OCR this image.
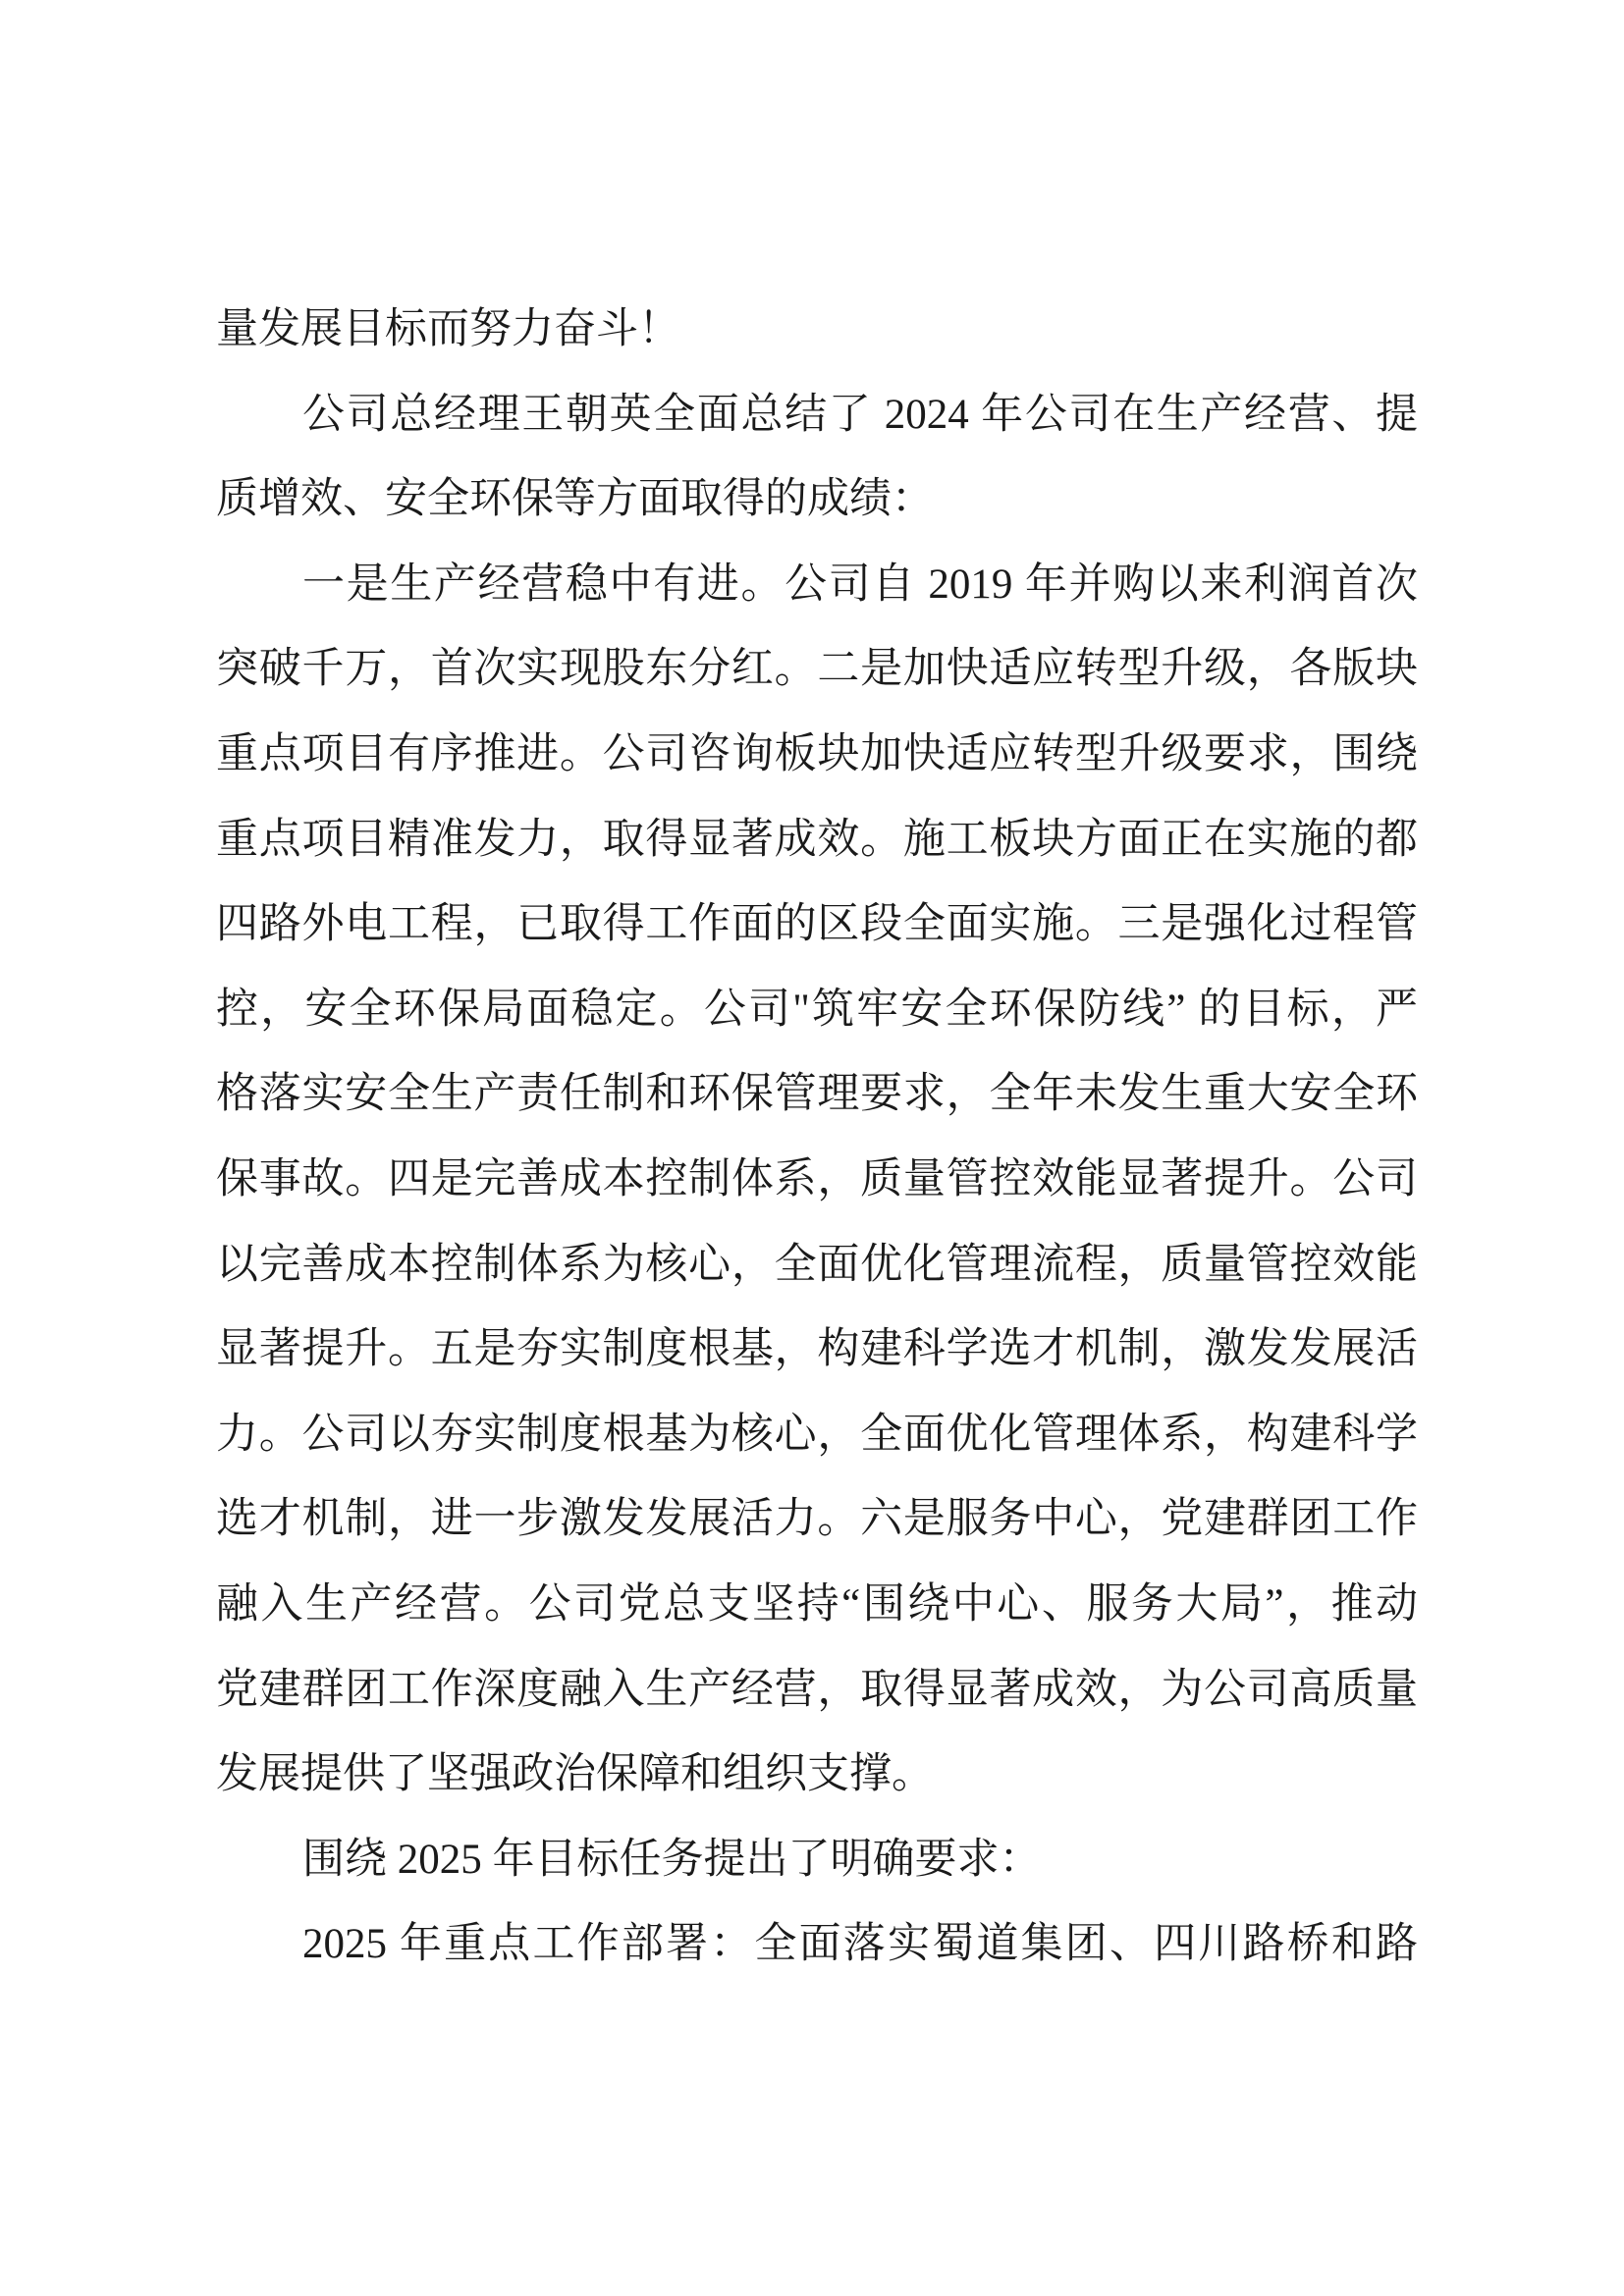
量发展目标而努力奋斗！
公司总经理王朝英全面总结了 2024 年公司在生产经营、提
质增效、安全环保等方面取得的成绩：
一是生产经营稳中有进。公司自 2019 年并购以来利润首次
突破千万，首次实现股东分红。二是加快适应转型升级，各版块
重点项目有序推进。公司咨询板块加快适应转型升级要求，围绕
重点项目精准发力，取得显著成效。施工板块方面正在实施的都
四路外电工程，已取得工作面的区段全面实施。三是强化过程管
控，安全环保局面稳定。公司"筑牢安全环保防线” 的目标，严
格落实安全生产责任制和环保管理要求，全年未发生重大安全环
保事故。四是完善成本控制体系，质量管控效能显著提升。公司
以完善成本控制体系为核心，全面优化管理流程，质量管控效能
显著提升。五是夯实制度根基，构建科学选才机制，激发发展活
力。公司以夯实制度根基为核心，全面优化管理体系，构建科学
选才机制，进一步激发发展活力。六是服务中心，党建群团工作
融入生产经营。公司党总支坚持“围绕中心、服务大局”，推动
党建群团工作深度融入生产经营，取得显著成效，为公司高质量
发展提供了坚强政治保障和组织支撑。
围绕 2025 年目标任务提出了明确要求：
2025 年重点工作部署：全面落实蜀道集团、四川路桥和路
